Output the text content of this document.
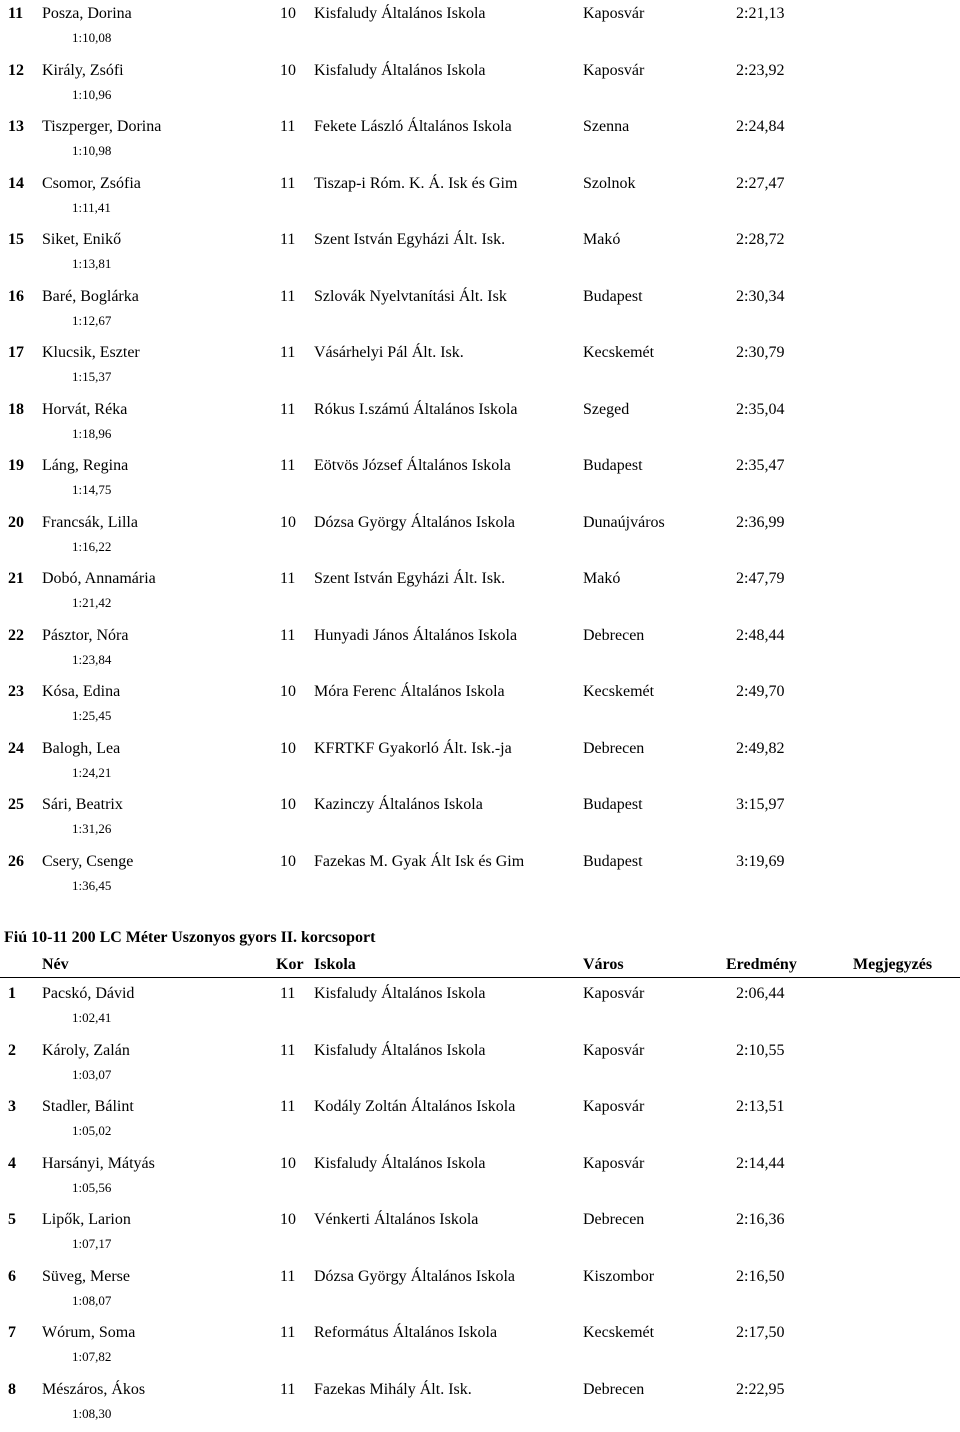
11 Posza, Dorina	10 Kisfaludy Általános Iskola	Kaposvár	2:21,13
1:10,08
12 Király, Zsófi	10 Kisfaludy Általános Iskola	Kaposvár	2:23,92
1:10,96
13 Tiszperger, Dorina	11 Fekete László Általános Iskola	Szenna	2:24,84
1:10,98
14 Csomor, Zsófia	11 Tiszap-i Róm. K. Á. Isk és Gim	Szolnok	2:27,47
1:11,41
15 Siket, Enikő	11 Szent István Egyházi Ált. Isk.	Makó	2:28,72
1:13,81
16 Baré, Boglárka	11 Szlovák Nyelvtanítási Ált. Isk	Budapest	2:30,34
1:12,67
17 Klucsik, Eszter	11 Vásárhelyi Pál Ált. Isk.	Kecskemét	2:30,79
1:15,37
18 Horvát, Réka	11 Rókus I.számú Általános Iskola	Szeged	2:35,04
1:18,96
19 Láng, Regina	11 Eötvös József Általános Iskola	Budapest	2:35,47
1:14,75
20 Francsák, Lilla	10 Dózsa György Általános Iskola	Dunaújváros	2:36,99
1:16,22
21 Dobó, Annamária	11 Szent István Egyházi Ált. Isk.	Makó	2:47,79
1:21,42
22 Pásztor, Nóra	11 Hunyadi János Általános Iskola	Debrecen	2:48,44
1:23,84
23 Kósa, Edina	10 Móra Ferenc Általános Iskola	Kecskemét	2:49,70
1:25,45
24 Balogh, Lea	10 KFRTKF Gyakorló Ált. Isk.-ja	Debrecen	2:49,82
1:24,21
25 Sári, Beatrix	10 Kazinczy Általános Iskola	Budapest	3:15,97
1:31,26
26 Csery, Csenge	10 Fazekas M. Gyak Ált Isk és Gim	Budapest	3:19,69
1:36,45
Fiú 10-11 200 LC Méter Uszonyos gyors II. korcsoport
Név	Kor Iskola	Város	Eredmény	Megjegyzés
1 Pacskó, Dávid	11 Kisfaludy Általános Iskola	Kaposvár	2:06,44
1:02,41
2 Károly, Zalán	11 Kisfaludy Általános Iskola	Kaposvár	2:10,55
1:03,07
3 Stadler, Bálint	11 Kodály Zoltán Általános Iskola	Kaposvár	2:13,51
1:05,02
4 Harsányi, Mátyás	10 Kisfaludy Általános Iskola	Kaposvár	2:14,44
1:05,56
5 Lipők, Larion	10 Vénkerti Általános Iskola	Debrecen	2:16,36
1:07,17
6 Süveg, Merse	11 Dózsa György Általános Iskola	Kiszombor	2:16,50
1:08,07
7 Wórum, Soma	11 Református Általános Iskola	Kecskemét	2:17,50
1:07,82
8 Mészáros, Ákos	11 Fazekas Mihály Ált. Isk.	Debrecen	2:22,95
1:08,30
